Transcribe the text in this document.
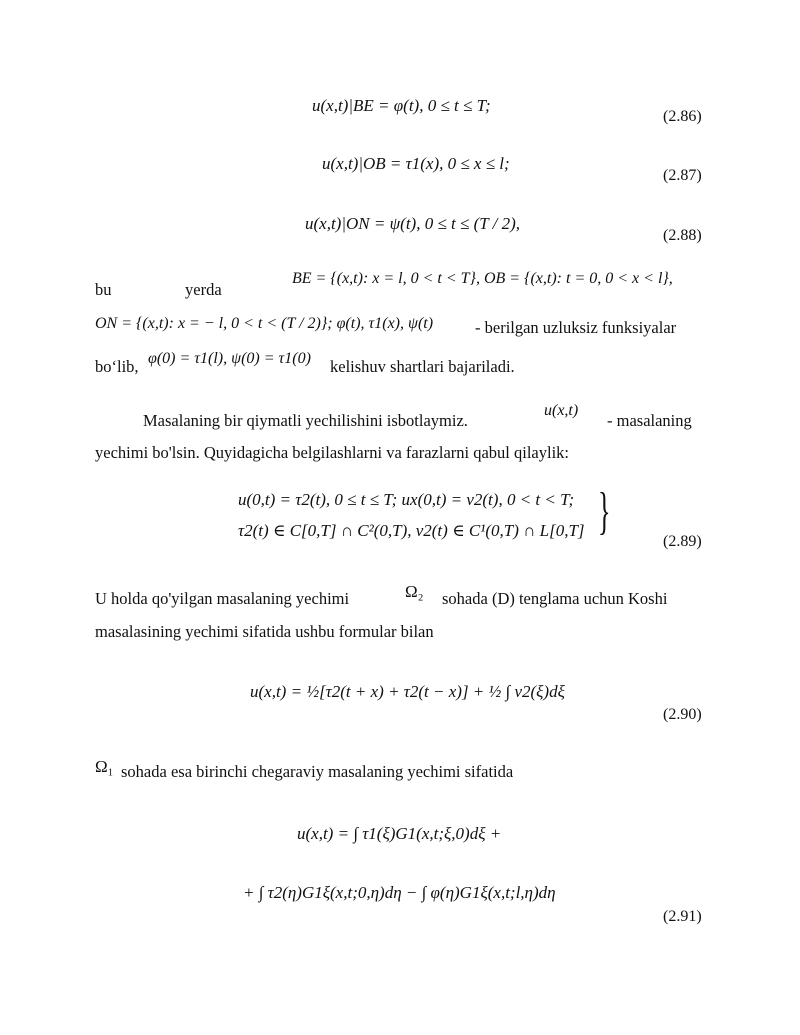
u(x,t)|BE = φ(t), 0 ≤ t ≤ T;
(2.86)
u(x,t)|OB = τ1(x), 0 ≤ x ≤ l;
(2.87)
u(x,t)|ON = ψ(t), 0 ≤ t ≤ (T / 2),
(2.88)
bu	yerda
BE = {(x,t): x = l, 0 < t < T}, OB = {(x,t): t = 0, 0 < x < l},
ON = {(x,t): x = − l, 0 < t < (T / 2)}; φ(t), τ1(x), ψ(t)	- berilgan uzluksiz funksiyalar
bo‘lib, φ(0) = τ1(l), ψ(0) = τ1(0) kelishuv shartlari bajariladi.
Masalaning bir qiymatli yechilishini isbotlaymiz.
u(x,t)
- masalaning
yechimi bo'lsin. Quyidagicha belgilashlarni va farazlarni qabul qilaylik:
u(0,t) = τ2(t), 0 ≤ t ≤ T; ux(0,t) = ν2(t), 0 < t < T;
τ2(t) ∈ C[0,T] ∩ C²(0,T), ν2(t) ∈ C¹(0,T) ∩ L[0,T] }
(2.89)
U holda qo'yilgan masalaning yechimi	Ω₂ sohada (D) tenglama uchun Koshi
masalasining yechimi sifatida ushbu formular bilan
u(x,t) = ½[τ2(t + x) + τ2(t − x)] + ½ ∫ ν2(ξ)dξ
(2.90)
Ω₁ sohada esa birinchi chegaraviy masalaning yechimi sifatida
u(x,t) = ∫ τ1(ξ)G1(x,t;ξ,0)dξ +
+ ∫ τ2(η)G1ξ(x,t;0,η)dη − ∫ φ(η)G1ξ(x,t;l,η)dη
(2.91)
